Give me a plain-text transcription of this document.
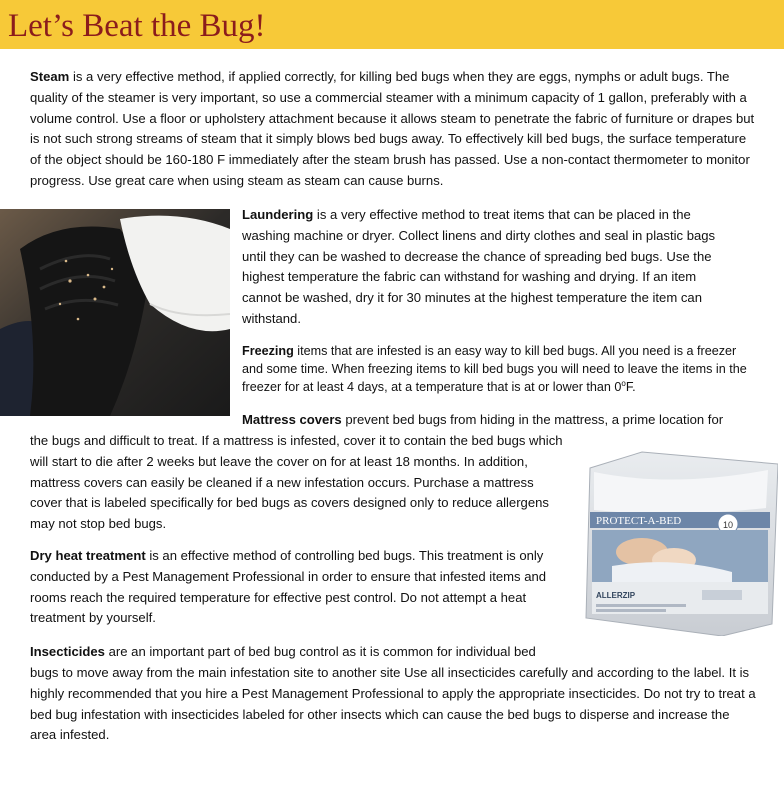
Let’s Beat the Bug!

Steam is a very effective method, if applied correctly, for killing bed bugs when they are eggs, nymphs or adult bugs. The quality of the steamer is very important, so use a commercial steamer with a minimum capacity of 1 gallon, preferably with a volume control. Use a floor or upholstery attachment because it allows steam to penetrate the fabric of furniture or drapes but is not such strong streams of steam that it simply blows bed bugs away. To effectively kill bed bugs, the surface temperature of the object should be 160-180 F immediately after the steam brush has passed. Use a non-contact thermometer to monitor progress. Use great care when using steam as steam can cause burns.

Laundering is a very effective method to treat items that can be placed in the washing machine or dryer. Collect linens and dirty clothes and seal in plastic bags until they can be washed to decrease the chance of spreading bed bugs. Use the highest temperature the fabric can withstand for washing and drying. If an item cannot be washed, dry it for 30 minutes at the highest temperature the item can withstand.

Freezing items that are infested is an easy way to kill bed bugs. All you need is a freezer and some time. When freezing items to kill bed bugs you will need to leave the items in the freezer for at least 4 days, at a temperature that is at or lower than 0$^o$F.

Mattress covers prevent bed bugs from hiding in the mattress, a prime location for

the bugs and difficult to treat. If a mattress is infested, cover it to contain the bed bugs which will start to die after 2 weeks but leave the cover on for at least 18 months. In addition, mattress covers can easily be cleaned if a new infestation occurs. Purchase a mattress cover that is labeled specifically for bed bugs as covers designed only to reduce allergens may not stop bed bugs.	PROTECT-A-BED	10
ALLERZIP

Dry heat treatment is an effective method of controlling bed bugs. This treatment is only conducted by a Pest Management Professional in order to ensure that infested items and rooms reach the required temperature for effective pest control. Do not attempt a heat treatment by yourself.

Insecticides are an important part of bed bug control as it is common for individual bed

bugs to move away from the main infestation site to another site Use all insecticides carefully and according to the label. It is highly recommended that you hire a Pest Management Professional to apply the appropriate insecticides. Do not try to treat a bed bug infestation with insecticides labeled for other insects which can cause the bed bugs to disperse and increase the area infested.
